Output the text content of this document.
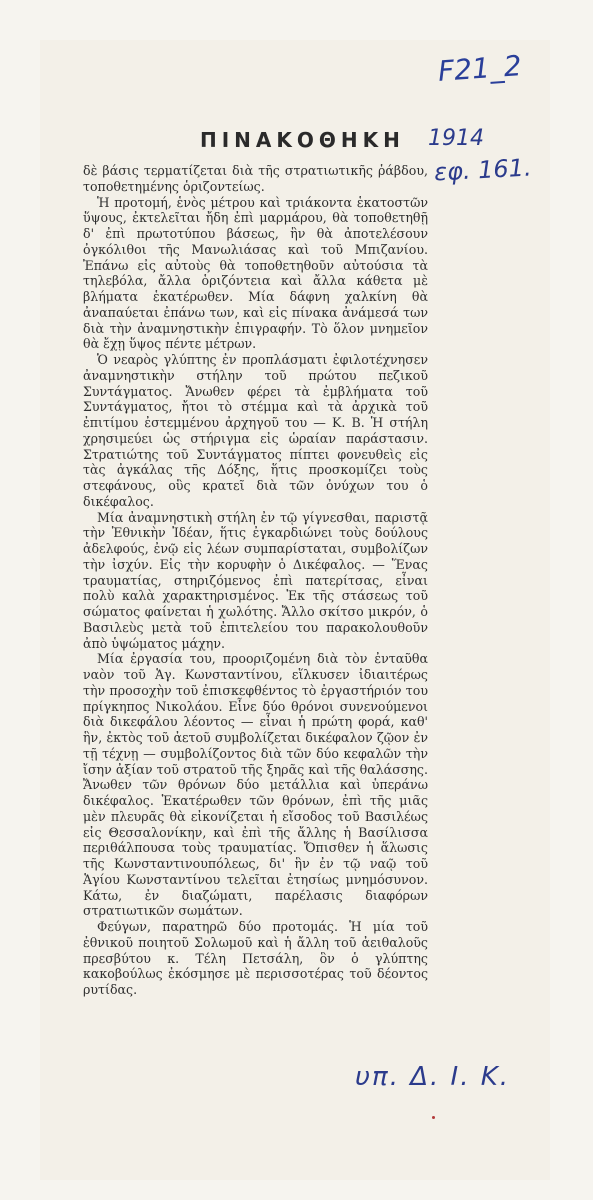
F21_2
1914
εφ. 161.
ΠΙΝΑΚΟΘΗΚΗ

δὲ βάσις τερματίζεται διὰ τῆς στρατιωτικῆς ῥάβδου, τοποθετημένης ὁριζοντείως.

Ἡ προτομή, ἑνὸς μέτρου καὶ τριάκοντα ἑκατοστῶν ὕψους, ἐκτελεῖται ἤδη ἐπὶ μαρμάρου, θὰ τοποθετηθῇ δ' ἐπὶ πρωτοτύπου βάσεως, ἣν θὰ ἀποτελέσουν ὀγκόλιθοι τῆς Μανωλιάσας καὶ τοῦ Μπιζανίου. Ἐπάνω εἰς αὐτοὺς θὰ τοποθετηθοῦν αὐτούσια τὰ τηλεβόλα, ἄλλα ὁριζόντεια καὶ ἄλλα κάθετα μὲ βλήματα ἑκατέρωθεν. Μία δάφνη χαλκίνη θὰ ἀναπαύεται ἐπάνω των, καὶ εἰς πίνακα ἀνάμεσά των διὰ τὴν ἀναμνηστικὴν ἐπιγραφήν. Τὸ ὅλον μνημεῖον θὰ ἔχῃ ὕψος πέντε μέτρων.

Ὁ νεαρὸς γλύπτης ἐν προπλάσματι ἐφιλοτέχνησεν ἀναμνηστικὴν στήλην τοῦ πρώτου πεζικοῦ Συντάγματος. Ἄνωθεν φέρει τὰ ἐμβλήματα τοῦ Συντάγματος, ἤτοι τὸ στέμμα καὶ τὰ ἀρχικὰ τοῦ ἐπιτίμου ἐστεμμένου ἀρχηγοῦ του — Κ. Β. Ἡ στήλη χρησιμεύει ὡς στήριγμα εἰς ὡραίαν παράστασιν. Στρατιώτης τοῦ Συντάγματος πίπτει φονευθεὶς εἰς τὰς ἀγκάλας τῆς Δόξης, ἥτις προσκομίζει τοὺς στεφάνους, οὓς κρατεῖ διὰ τῶν ὀνύχων του ὁ δικέφαλος.

Μία ἀναμνηστικὴ στήλη ἐν τῷ γίγνεσθαι, παριστᾷ τὴν Ἐθνικὴν Ἰδέαν, ἥτις ἐγκαρδιώνει τοὺς δούλους ἀδελφούς, ἐνῷ εἰς λέων συμπαρίσταται, συμβολίζων τὴν ἰσχύν. Εἰς τὴν κορυφὴν ὁ Δικέφαλος. — Ἕνας τραυματίας, στηριζόμενος ἐπὶ πατερίτσας, εἶναι πολὺ καλὰ χαρακτηρισμένος. Ἐκ τῆς στάσεως τοῦ σώματος φαίνεται ἡ χωλότης. Ἄλλο σκίτσο μικρόν, ὁ Βασιλεὺς μετὰ τοῦ ἐπιτελείου του παρακολουθοῦν ἀπὸ ὑψώματος μάχην.

Μία ἐργασία του, προοριζομένη διὰ τὸν ἐνταῦθα ναὸν τοῦ Ἁγ. Κωνσταντίνου, εἵλκυσεν ἰδιαιτέρως τὴν προσοχὴν τοῦ ἐπισκεφθέντος τὸ ἐργαστήριόν του πρίγκηπος Νικολάου. Εἶνε δύο θρόνοι συνενούμενοι διὰ δικεφάλου λέοντος — εἶναι ἡ πρώτη φορά, καθ' ἣν, ἐκτὸς τοῦ ἀετοῦ συμβολίζεται δικέφαλον ζῷον ἐν τῇ τέχνῃ — συμβολίζοντος διὰ τῶν δύο κεφαλῶν τὴν ἴσην ἀξίαν τοῦ στρατοῦ τῆς ξηρᾶς καὶ τῆς θαλάσσης. Ἄνωθεν τῶν θρόνων δύο μετάλλια καὶ ὑπεράνω δικέφαλος. Ἑκατέρωθεν τῶν θρόνων, ἐπὶ τῆς μιᾶς μὲν πλευρᾶς θὰ εἰκονίζεται ἡ εἴσοδος τοῦ Βασιλέως εἰς Θεσσαλονίκην, καὶ ἐπὶ τῆς ἄλλης ἡ Βασίλισσα περιθάλπουσα τοὺς τραυματίας. Ὄπισθεν ἡ ἅλωσις τῆς Κωνσταντινουπόλεως, δι' ἣν ἐν τῷ ναῷ τοῦ Ἁγίου Κωνσταντίνου τελεῖται ἐτησίως μνημόσυνον. Κάτω, ἐν διαζώματι, παρέλασις διαφόρων στρατιωτικῶν σωμάτων.

Φεύγων, παρατηρῶ δύο προτομάς. Ἡ μία τοῦ ἐθνικοῦ ποιητοῦ Σολωμοῦ καὶ ἡ ἄλλη τοῦ ἀειθαλοῦς πρεσβύτου κ. Τέλη Πετσάλη, ὃν ὁ γλύπτης κακοβούλως ἐκόσμησε μὲ περισσοτέρας τοῦ δέοντος ρυτίδας.

υπ. Δ. Ι. Κ.
